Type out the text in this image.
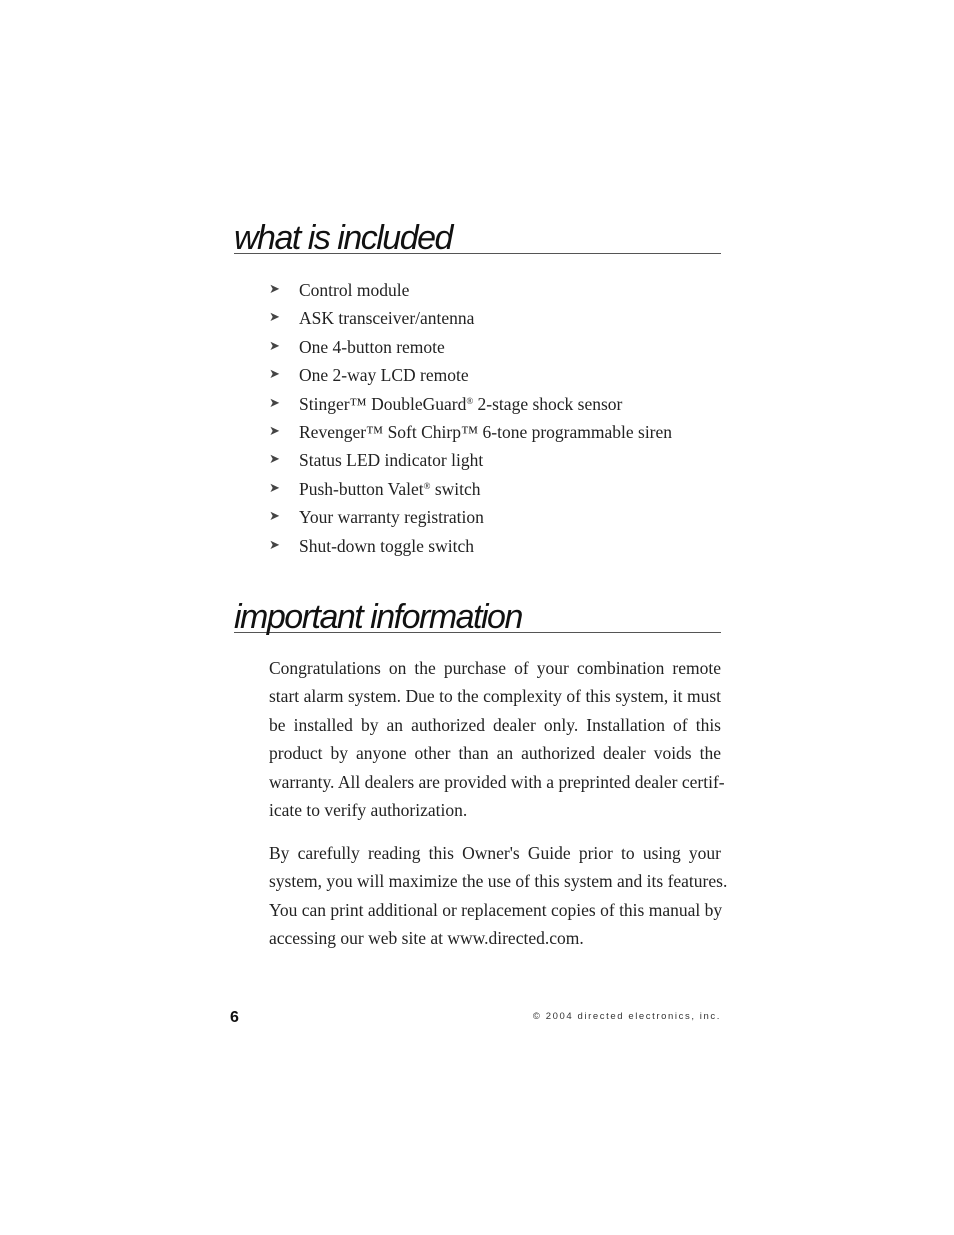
what is included
➤ Control module
➤ ASK transceiver/antenna
➤ One 4-button remote
➤ One 2-way LCD remote
➤ Stinger™ DoubleGuard® 2-stage shock sensor
➤ Revenger™ Soft Chirp™ 6-tone programmable siren
➤ Status LED indicator light
➤ Push-button Valet® switch
➤ Your warranty registration
➤ Shut-down toggle switch
important information
Congratulations on the purchase of your combination remote
start alarm system. Due to the complexity of this system, it must
be installed by an authorized dealer only. Installation of this
product by anyone other than an authorized dealer voids the
warranty. All dealers are provided with a preprinted dealer certif-
icate to verify authorization.
By carefully reading this Owner's Guide prior to using your
system, you will maximize the use of this system and its features.
You can print additional or replacement copies of this manual by
accessing our web site at www.directed.com.
6	© 2004 directed electronics, inc.
